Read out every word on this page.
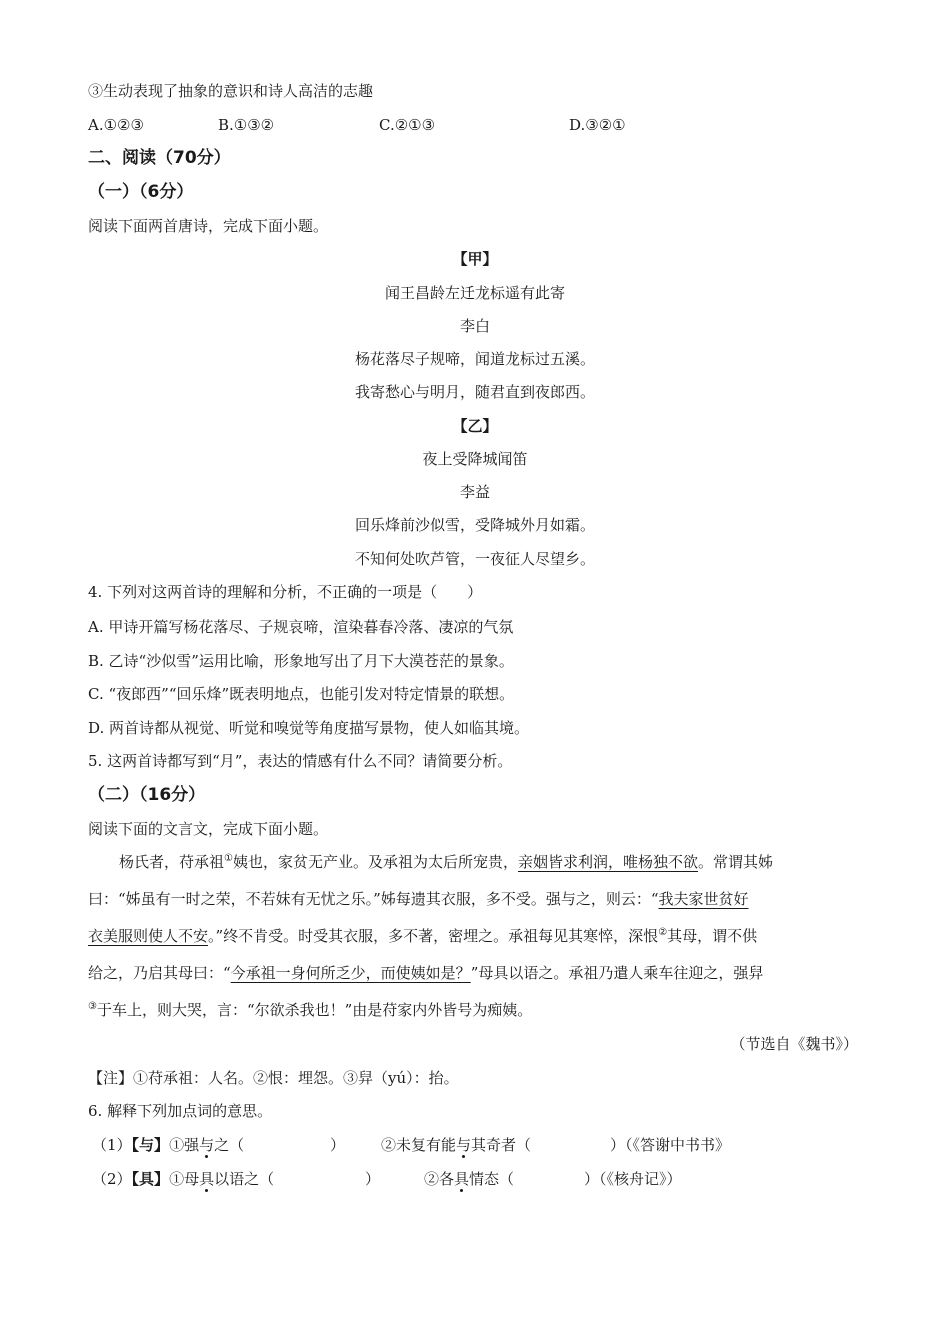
③生动表现了抽象的意识和诗人高洁的志趣
A.①②③	B.①③②	C.②①③	D.③②①
二、阅读（70分）
（一）（6分）
阅读下面两首唐诗，完成下面小题。
【甲】
闻王昌龄左迁龙标遥有此寄
李白
杨花落尽子规啼，闻道龙标过五溪。
我寄愁心与明月，随君直到夜郎西。
【乙】
夜上受降城闻笛
李益
回乐烽前沙似雪，受降城外月如霜。
不知何处吹芦管，一夜征人尽望乡。
4. 下列对这两首诗的理解和分析，不正确的一项是（　　）
A. 甲诗开篇写杨花落尽、子规哀啼，渲染暮春冷落、凄凉的气氛
B. 乙诗“沙似雪”运用比喻，形象地写出了月下大漠苍茫的景象。
C. “夜郎西”“回乐烽”既表明地点，也能引发对特定情景的联想。
D. 两首诗都从视觉、听觉和嗅觉等角度描写景物，使人如临其境。
5. 这两首诗都写到“月”，表达的情感有什么不同？请简要分析。
（二）（16分）
阅读下面的文言文，完成下面小题。
杨氏者，苻承祖①姨也，家贫无产业。及承祖为太后所宠贵，亲姻皆求利润，唯杨独不欲。常谓其姊
曰：“姊虽有一时之荣，不若妹有无忧之乐。”姊每遗其衣服，多不受。强与之，则云：“我夫家世贫好
衣美服则使人不安。”终不肯受。时受其衣服，多不著，密埋之。承祖每见其寒悴，深恨②其母，谓不供
给之，乃启其母曰：“今承祖一身何所乏少，而使姨如是？”母具以语之。承祖乃遣人乘车往迎之，强舁
③于车上，则大哭，言：“尔欲杀我也！”由是苻家内外皆号为痴姨。
（节选自《魏书》）
【注】①苻承祖：人名。②恨：埋怨。③舁（yú）：抬。
6. 解释下列加点词的意思。
（1）【与】①强与之（	） ②未复有能与其奇者（	）（《答谢中书书》
（2）【具】①母具以语之（	）	②各具情态（	）（《核舟记》）
